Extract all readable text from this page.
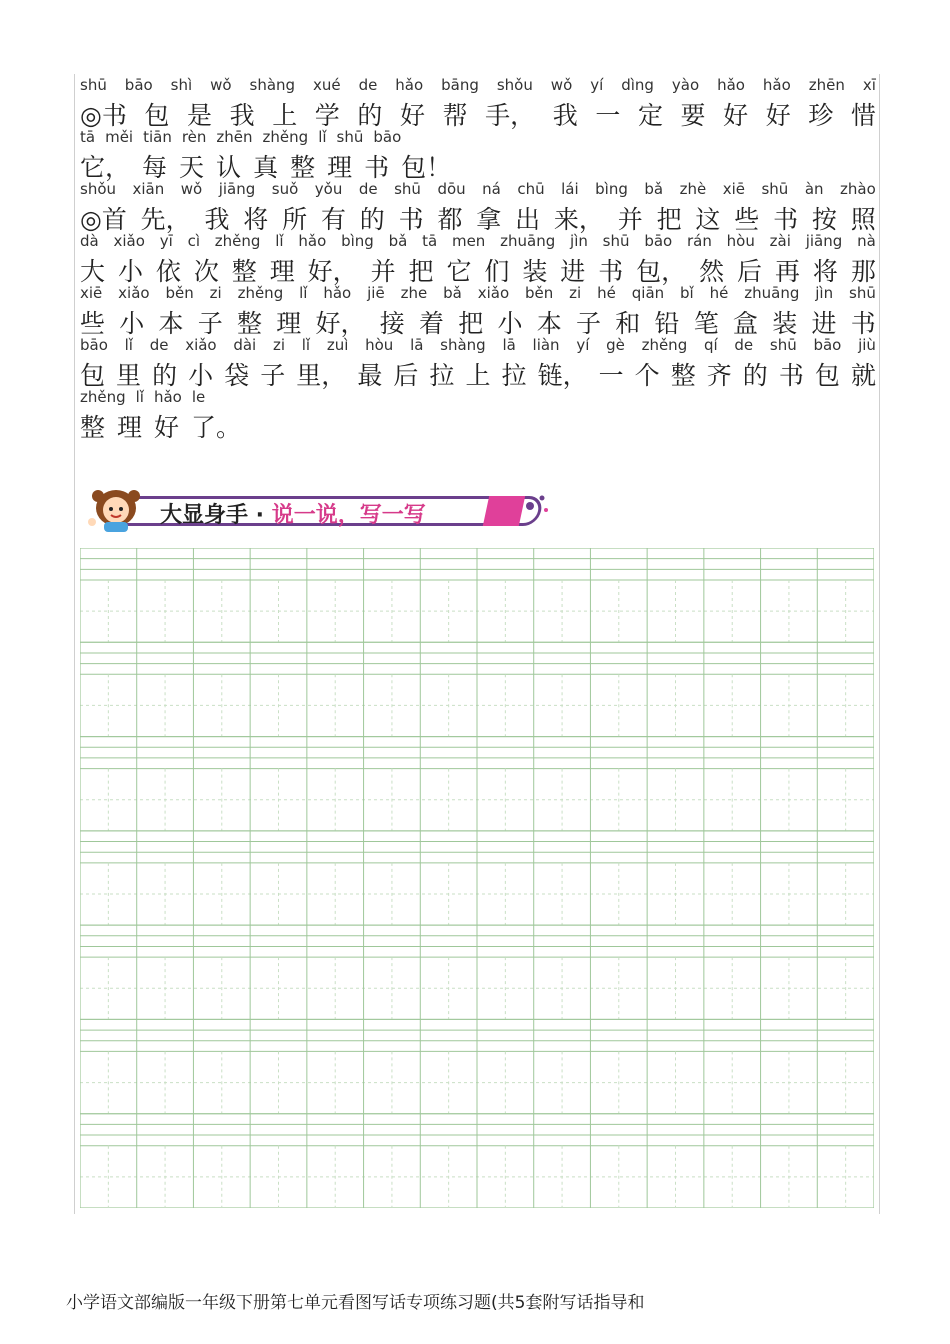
shū bāo shì wǒ shàng xué de hǎo bāng shǒu wǒ yí dìng yào hǎo hǎo zhēn xī
◎书 包 是 我 上 学 的 好 帮 手， 我 一 定 要 好 好 珍 惜
tā měi tiān rèn zhēn zhěng lǐ shū bāo
它， 每 天 认 真 整 理 书 包！
shǒu xiān wǒ jiāng suǒ yǒu de shū dōu ná chū lái bìng bǎ zhè xiē shū àn zhào
◎首 先， 我 将 所 有 的 书 都 拿 出 来， 并 把 这 些 书 按 照
dà xiǎo yī cì zhěng lǐ hǎo bìng bǎ tā men zhuāng jìn shū bāo rán hòu zài jiāng nà
大 小 依 次 整 理 好， 并 把 它 们 装 进 书 包， 然 后 再 将 那
xiē xiǎo běn zi zhěng lǐ hǎo jiē zhe bǎ xiǎo běn zi hé qiān bǐ hé zhuāng jìn shū
些 小 本 子 整 理 好， 接 着 把 小 本 子 和 铅 笔 盒 装 进 书
bāo lǐ de xiǎo dài zi lǐ zuì hòu lā shàng lā liàn yí gè zhěng qí de shū bāo jiù
包 里 的 小 袋 子 里， 最 后 拉 上 拉 链， 一 个 整 齐 的 书 包 就
zhěng lǐ hǎo le
整 理 好 了。
大显身手 · 说一说，写一写
小学语文部编版一年级下册第七单元看图写话专项练习题(共5套附写话指导和
